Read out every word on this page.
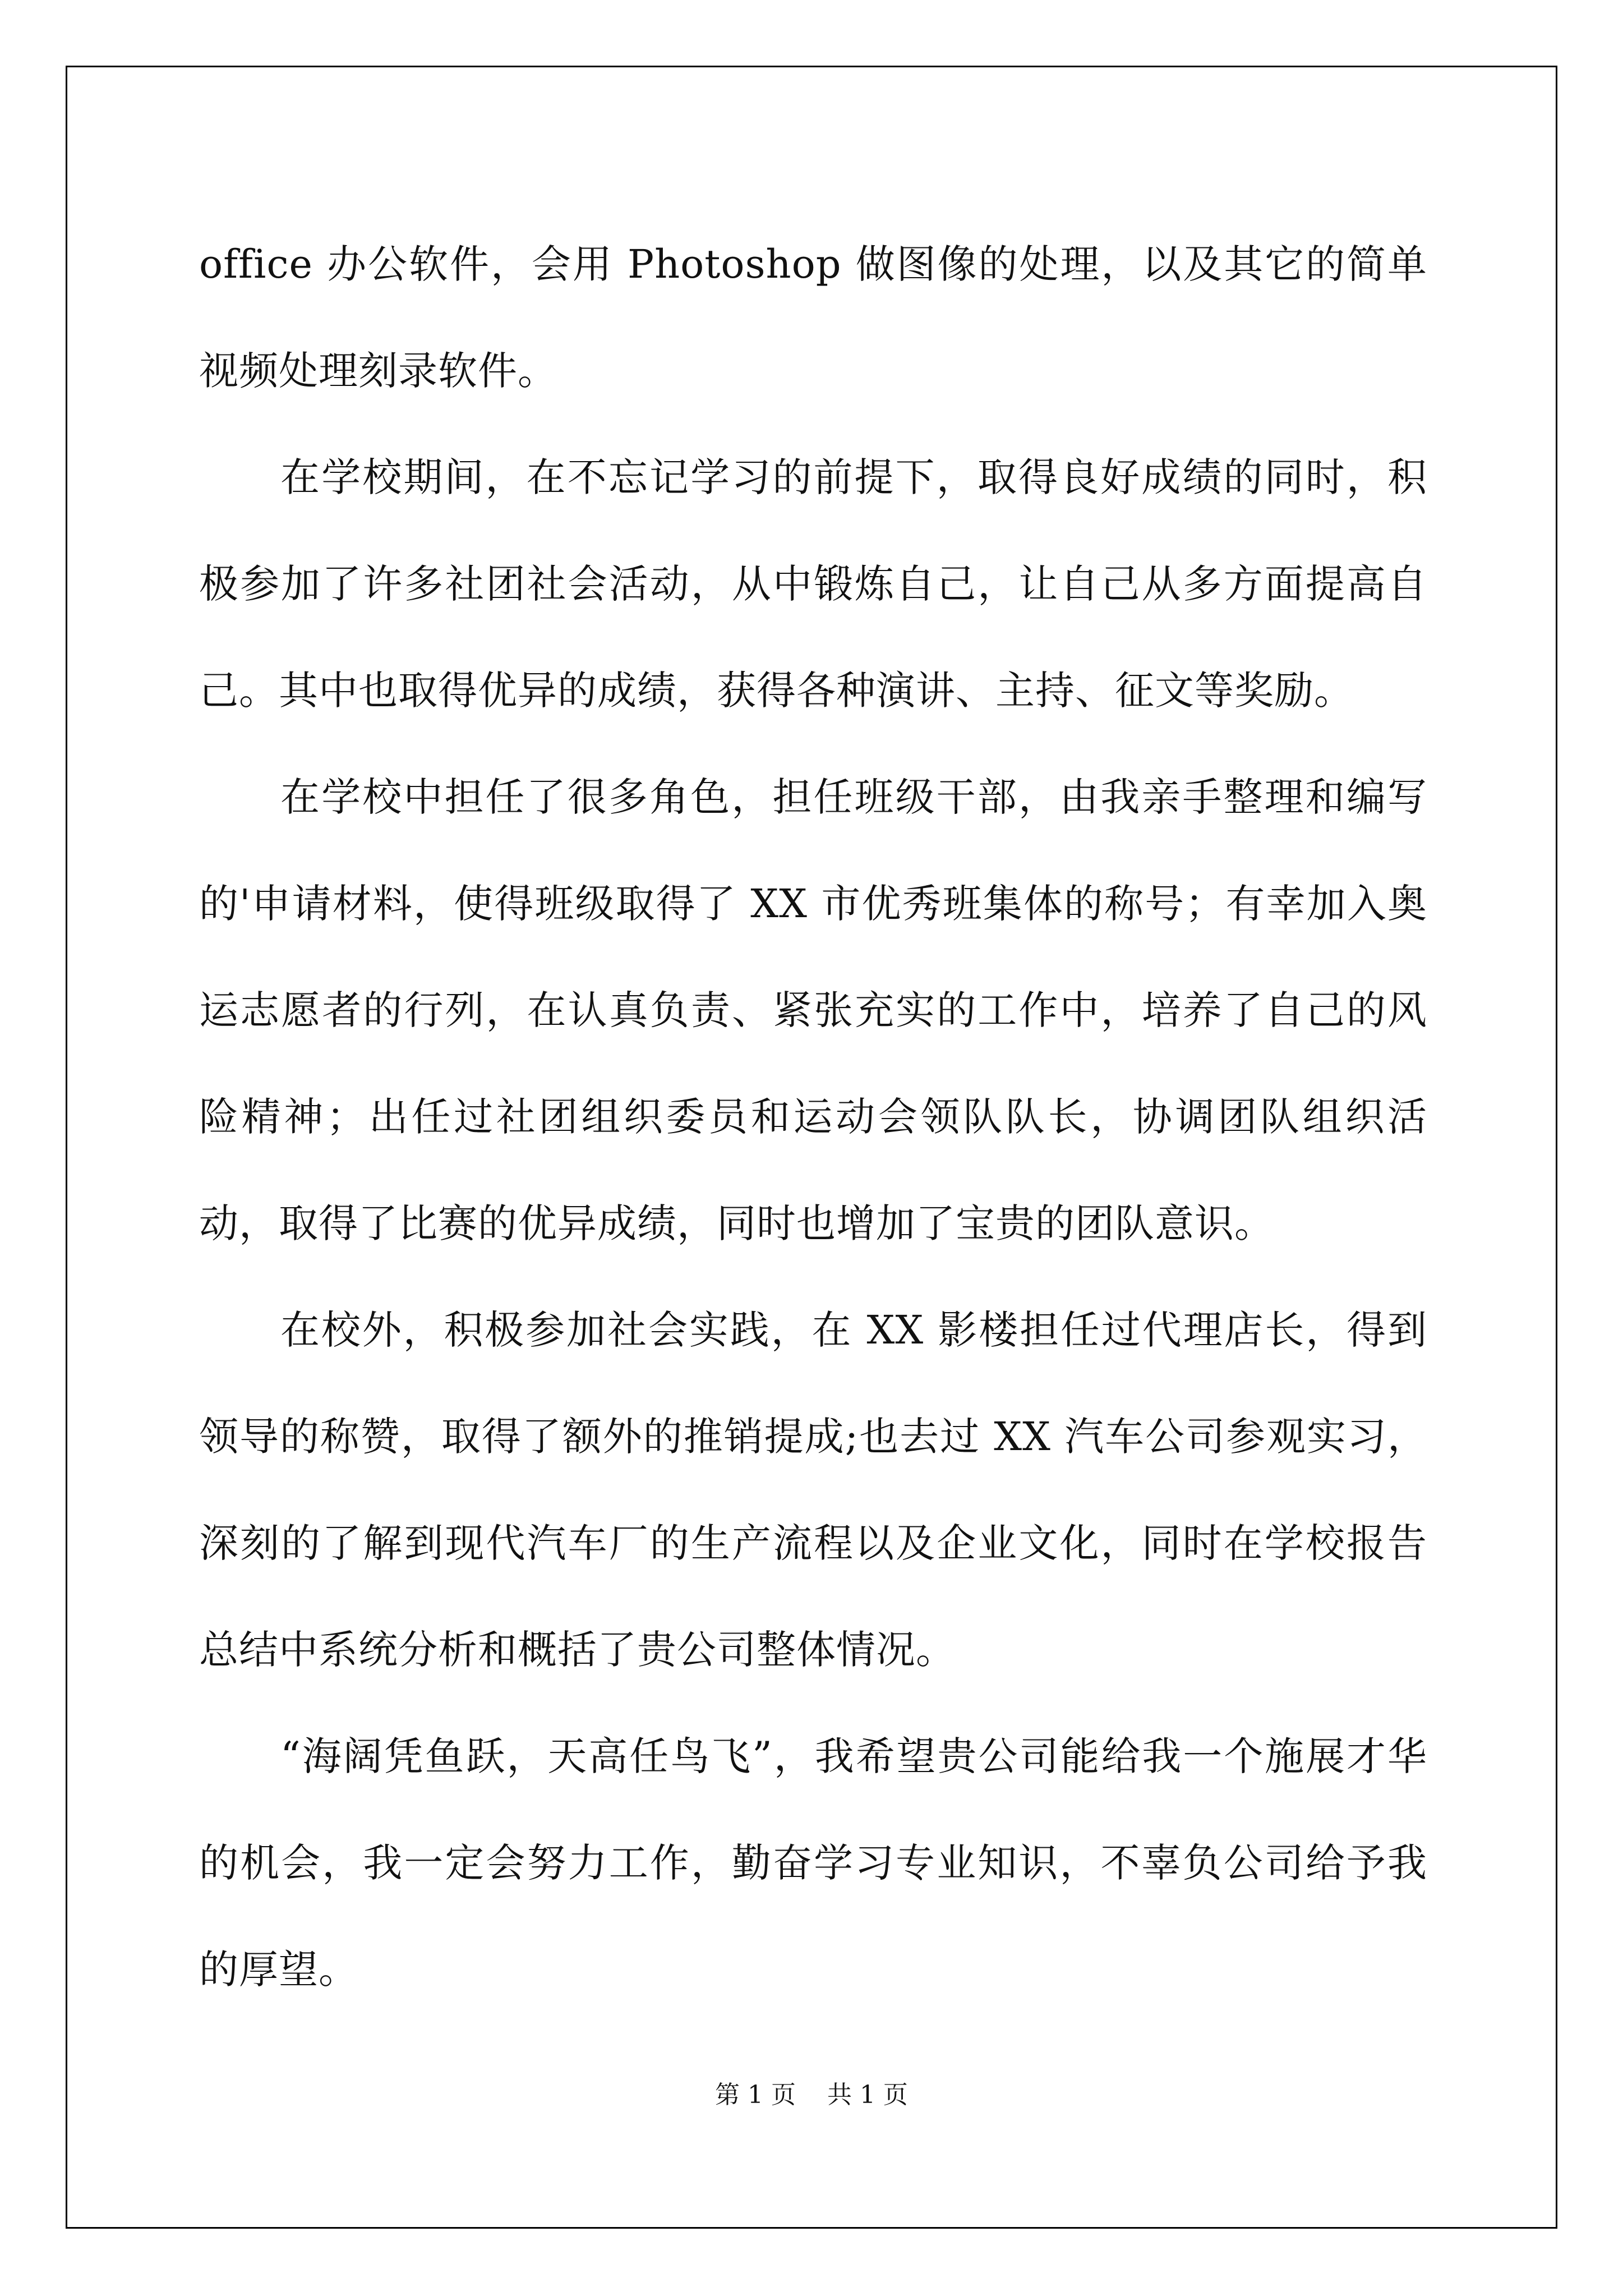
office 办公软件，会用 Photoshop 做图像的处理，以及其它的简单视频处理刻录软件。

在学校期间，在不忘记学习的前提下，取得良好成绩的同时，积极参加了许多社团社会活动，从中锻炼自己，让自己从多方面提高自己。其中也取得优异的成绩，获得各种演讲、主持、征文等奖励。

在学校中担任了很多角色，担任班级干部，由我亲手整理和编写的'申请材料，使得班级取得了 XX 市优秀班集体的称号；有幸加入奥运志愿者的行列，在认真负责、紧张充实的工作中，培养了自己的风险精神；出任过社团组织委员和运动会领队队长，协调团队组织活动，取得了比赛的优异成绩，同时也增加了宝贵的团队意识。

在校外，积极参加社会实践，在 XX 影楼担任过代理店长，得到领导的称赞，取得了额外的推销提成;也去过 XX 汽车公司参观实习，深刻的了解到现代汽车厂的生产流程以及企业文化，同时在学校报告总结中系统分析和概括了贵公司整体情况。

“海阔凭鱼跃，天高任鸟飞”，我希望贵公司能给我一个施展才华的机会，我一定会努力工作，勤奋学习专业知识，不辜负公司给予我的厚望。

第 1 页 共 1 页
